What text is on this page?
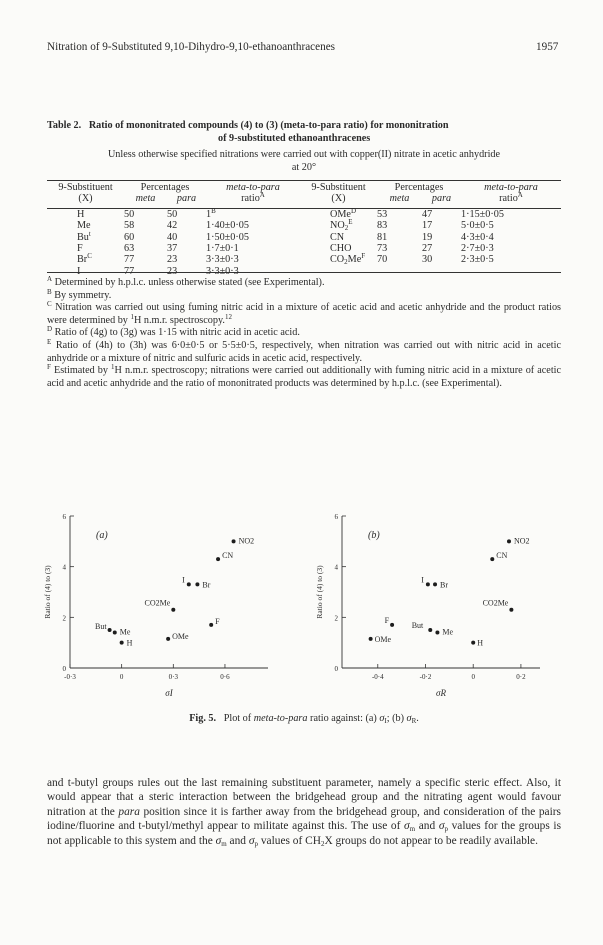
Nitration of 9-Substituted 9,10-Dihydro-9,10-ethanoanthracenes	1957
Table 2. Ratio of mononitrated compounds (4) to (3) (meta-to-para ratio) for mononitration
of 9-substituted ethanoanthracenes
Unless otherwise specified nitrations were carried out with copper(II) nitrate in acetic anhydride
at 20°
9-Substituent	Percentages		meta-to-para	9-Substituent	Percentages		meta-to-para
(X)	meta	para	ratio$^A$	(X)	meta	para	ratio$^A$

H	50	50	$1^B$	OMe$^D$	53	47	1·15±0·05
Me	58	42	1·40±0·05	$NO_2^E$	83	17	5·0±0·5
Bu$^t$	60	40	1·50±0·05	CN	81	19	4·3±0·4
F	63	37	1·7±0·1	CHO	73	27	2·7±0·3
$Br^C$	77	23	3·3±0·3	$CO_2Me^F$	70	30	2·3±0·5
I	77	23	3·3±0·3				

$^A$ Determined by h.p.l.c. unless otherwise stated (see Experimental).

$^B$ By symmetry.

$^C$ Nitration was carried out using fuming nitric acid in a mixture of acetic acid and acetic anhydride and the product ratios were determined by $^1$H n.m.r. spectroscopy.$^{12}$

$^D$ Ratio of (4g) to (3g) was 1·15 with nitric acid in acetic acid.

$^E$ Ratio of (4h) to (3h) was 6·0±0·5 or 5·5±0·5, respectively, when nitration was carried out with nitric acid in acetic anhydride or a mixture of nitric and sulfuric acids in acetic acid, respectively.

$^F$ Estimated by $^1$H n.m.r. spectroscopy; nitrations were carried out additionally with fuming nitric acid in a mixture of acetic acid and acetic anhydride and the ratio of mononitrated products was determined by h.p.l.c. (see Experimental).

0
2
4
6
-0·3	0	0·3	0·6
Ratio of (4) to (3)
σI
(a)	NO2
CN
Br
I
CO2Me
F
OMe
But
Me
H
0
2
4
6
-0·4	-0·2	0	0·2
Ratio of (4) to (3)
σR
(b)	NO2
CN
I
Br
CO2Me
F
But
Me
OMe	H
Fig. 5. Plot of meta-to-para ratio against: (a) $\sigma_I$; (b) $\sigma_R$.

and t-butyl groups rules out the last remaining substituent parameter, namely a specific steric effect. Also, it would appear that a steric interaction between the bridgehead group and the nitrating agent would favour nitration at the para position since it is farther away from the bridgehead group, and consideration of the pairs iodine/fluorine and t-butyl/methyl appear to militate against this. The use of $\sigma_m$ and $\sigma_p$ values for the groups is not applicable to this system and the $\sigma_m$ and $\sigma_p$ values of $CH_2X$ groups do not appear to be readily available.
